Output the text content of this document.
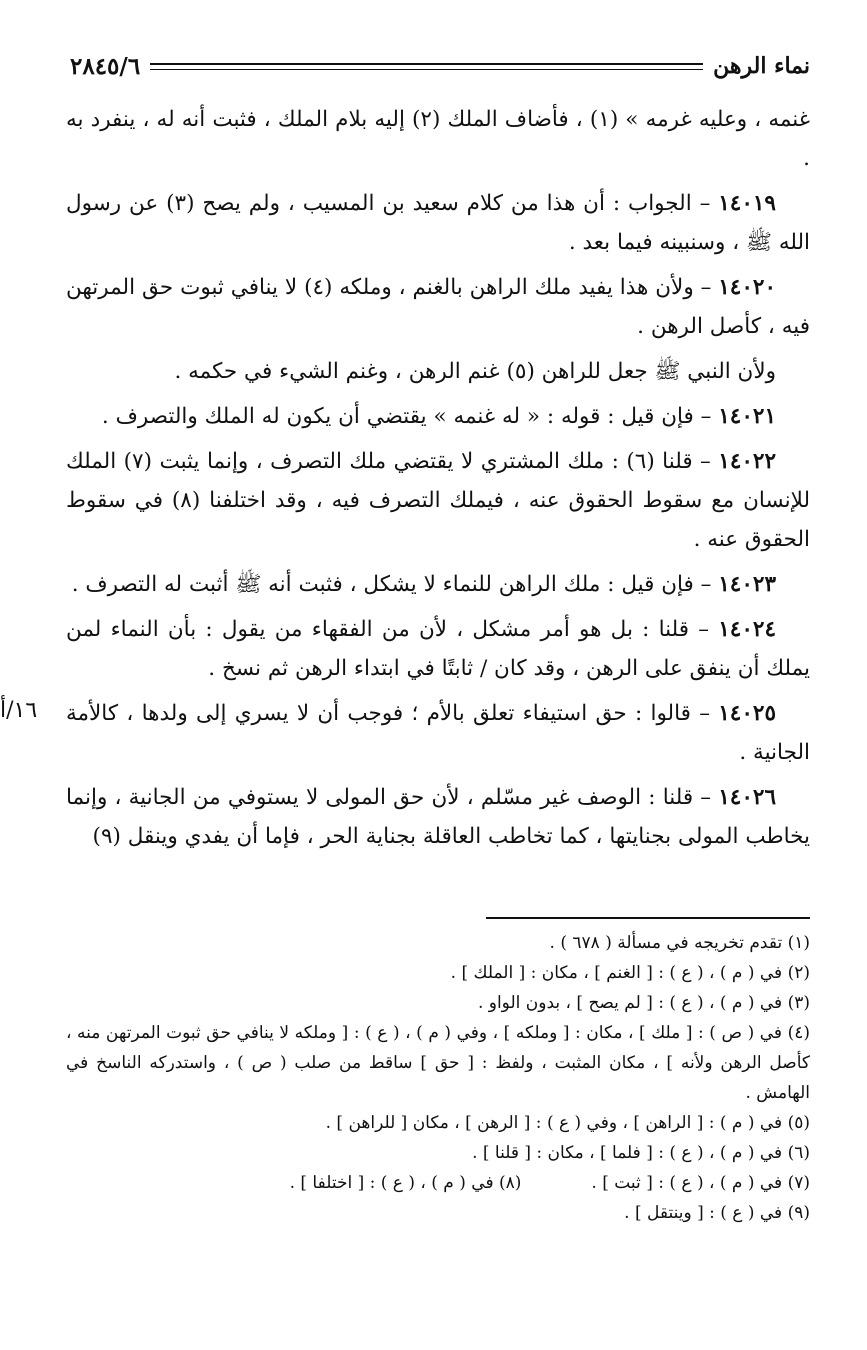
نماء الرهن
٢٨٤٥/٦
١٦/أ

غنمه ، وعليه غرمه » (١) ، فأضاف الملك (٢) إليه بلام الملك ، فثبت أنه له ، ينفرد به .

١٤٠١٩ – الجواب : أن هذا من كلام سعيد بن المسيب ، ولم يصح (٣) عن رسول الله ﷺ ، وسنبينه فيما بعد .

١٤٠٢٠ – ولأن هذا يفيد ملك الراهن بالغنم ، وملكه (٤) لا ينافي ثبوت حق المرتهن فيه ، كأصل الرهن .

ولأن النبي ﷺ جعل للراهن (٥) غنم الرهن ، وغنم الشيء في حكمه .

١٤٠٢١ – فإن قيل : قوله : « له غنمه » يقتضي أن يكون له الملك والتصرف .

١٤٠٢٢ – قلنا (٦) : ملك المشتري لا يقتضي ملك التصرف ، وإنما يثبت (٧) الملك للإنسان مع سقوط الحقوق عنه ، فيملك التصرف فيه ، وقد اختلفنا (٨) في سقوط الحقوق عنه .

١٤٠٢٣ – فإن قيل : ملك الراهن للنماء لا يشكل ، فثبت أنه ﷺ أثبت له التصرف .

١٤٠٢٤ – قلنا : بل هو أمر مشكل ، لأن من الفقهاء من يقول : بأن النماء لمن يملك أن ينفق على الرهن ، وقد كان / ثابتًا في ابتداء الرهن ثم نسخ .

١٤٠٢٥ – قالوا : حق استيفاء تعلق بالأم ؛ فوجب أن لا يسري إلى ولدها ، كالأمة الجانية .

١٤٠٢٦ – قلنا : الوصف غير مسّلم ، لأن حق المولى لا يستوفي من الجانية ، وإنما يخاطب المولى بجنايتها ، كما تخاطب العاقلة بجناية الحر ، فإما أن يفدي وينقل (٩)

(١) تقدم تخريجه في مسألة ( ٦٧٨ ) .

(٢) في ( م ) ، ( ع ) : [ الغنم ] ، مكان : [ الملك ] .

(٣) في ( م ) ، ( ع ) : [ لم يصح ] ، بدون الواو .

(٤) في ( ص ) : [ ملك ] ، مكان : [ وملكه ] ، وفي ( م ) ، ( ع ) : [ وملكه لا ينافي حق ثبوت المرتهن منه ، كأصل الرهن ولأنه ] ، مكان المثبت ، ولفظ : [ حق ] ساقط من صلب ( ص ) ، واستدركه الناسخ في الهامش .

(٥) في ( م ) : [ الراهن ] ، وفي ( ع ) : [ الرهن ] ، مكان [ للراهن ] .

(٦) في ( م ) ، ( ع ) : [ فلما ] ، مكان : [ قلنا ] .

(٧) في ( م ) ، ( ع ) : [ ثبت ] .

(٨) في ( م ) ، ( ع ) : [ اختلفا ] .

(٩) في ( ع ) : [ وينتقل ] .
